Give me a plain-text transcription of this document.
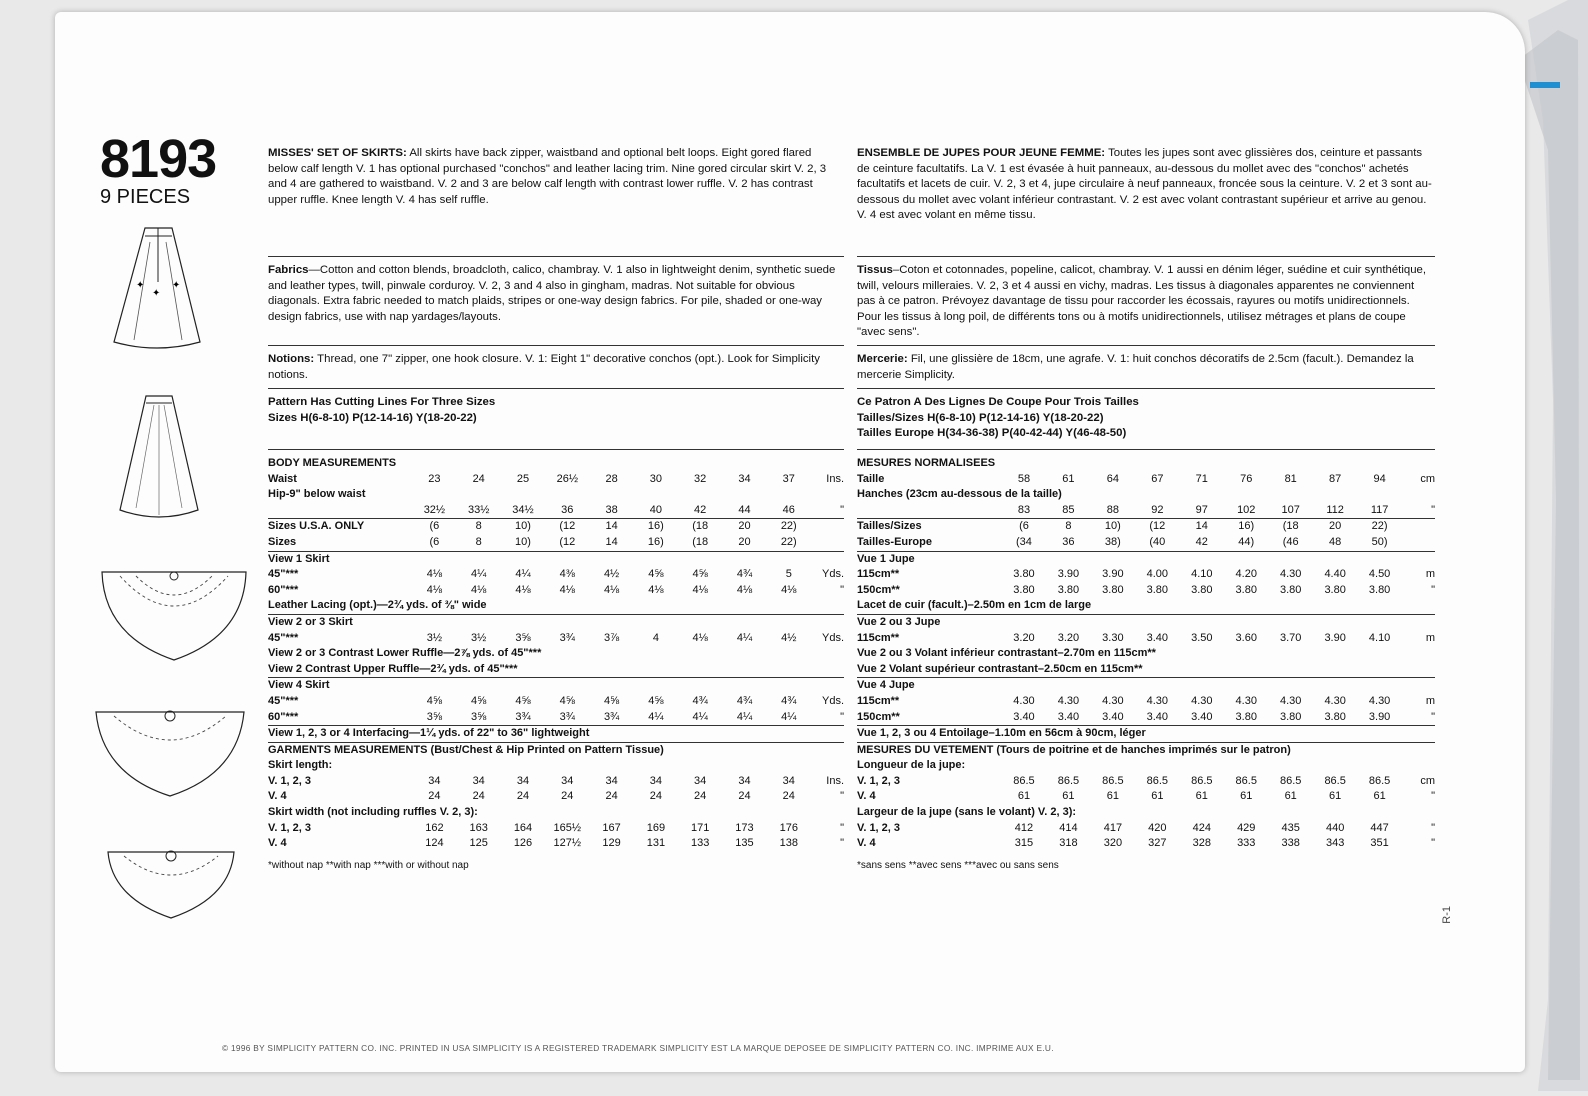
8193
9 PIECES
✦	✦
✦
MISSES' SET OF SKIRTS: All skirts have back zipper, waistband and optional belt loops. Eight gored flared below calf length V. 1 has optional purchased "conchos" and leather lacing trim. Nine gored circular skirt V. 2, 3 and 4 are gathered to waistband. V. 2 and 3 are below calf length with contrast lower ruffle. V. 2 has contrast upper ruffle. Knee length V. 4 has self ruffle.
Fabrics—Cotton and cotton blends, broadcloth, calico, chambray. V. 1 also in lightweight denim, synthetic suede and leather types, twill, pinwale corduroy. V. 2, 3 and 4 also in gingham, madras. Not suitable for obvious diagonals. Extra fabric needed to match plaids, stripes or one-way design fabrics. For pile, shaded or one-way design fabrics, use with nap yardages/layouts.
Notions: Thread, one 7" zipper, one hook closure. V. 1: Eight 1" decorative conchos (opt.). Look for Simplicity notions.
Pattern Has Cutting Lines For Three Sizes
Sizes H(6-8-10) P(12-14-16) Y(18-20-22)
BODY MEASUREMENTS
Waist	23	24	25	26½	28	30	32	34	37	Ins.
Hip-9" below waist										
	32½	33½	34½	36	38	40	42	44	46	"
Sizes U.S.A. ONLY	(6	8	10)	(12	14	16)	(18	20	22)	
Sizes	(6	8	10)	(12	14	16)	(18	20	22)	
View 1 Skirt										
45"***	4⅛	4¼	4¼	4⅜	4½	4⅝	4⅝	4¾	5	Yds.
60"***	4⅛	4⅛	4⅛	4⅛	4⅛	4⅛	4⅛	4⅛	4⅛	"
Leather Lacing (opt.)—2¾ yds. of ⅜" wide										
View 2 or 3 Skirt										
45"***	3½	3½	3⅝	3¾	3⅞	4	4⅛	4¼	4½	Yds.
View 2 or 3 Contrast Lower Ruffle—2⅞ yds. of 45"***										
View 2 Contrast Upper Ruffle—2¾ yds. of 45"***										
View 4 Skirt										
45"***	4⅝	4⅝	4⅝	4⅝	4⅝	4⅝	4¾	4¾	4¾	Yds.
60"***	3⅝	3⅝	3¾	3¾	3¾	4¼	4¼	4¼	4¼	"
View 1, 2, 3 or 4 Interfacing—1¼ yds. of 22" to 36" lightweight										
GARMENTS MEASUREMENTS (Bust/Chest & Hip Printed on Pattern Tissue)										
Skirt length:										
V. 1, 2, 3	34	34	34	34	34	34	34	34	34	Ins.
V. 4	24	24	24	24	24	24	24	24	24	"
Skirt width (not including ruffles V. 2, 3):										
V. 1, 2, 3	162	163	164	165½	167	169	171	173	176	"
V. 4	124	125	126	127½	129	131	133	135	138	"
*without nap **with nap ***with or without nap
ENSEMBLE DE JUPES POUR JEUNE FEMME: Toutes les jupes sont avec glissières dos, ceinture et passants de ceinture facultatifs. La V. 1 est évasée à huit panneaux, au-dessous du mollet avec des "conchos" achetés facultatifs et lacets de cuir. V. 2, 3 et 4, jupe circulaire à neuf panneaux, froncée sous la ceinture. V. 2 et 3 sont au-dessous du mollet avec volant inférieur contrastant. V. 2 est avec volant contrastant supérieur et arrive au genou. V. 4 est avec volant en même tissu.
Tissus–Coton et cotonnades, popeline, calicot, chambray. V. 1 aussi en dénim léger, suédine et cuir synthétique, twill, velours milleraies. V. 2, 3 et 4 aussi en vichy, madras. Les tissus à diagonales apparentes ne conviennent pas à ce patron. Prévoyez davantage de tissu pour raccorder les écossais, rayures ou motifs unidirectionnels. Pour les tissus à long poil, de différents tons ou à motifs unidirectionnels, utilisez métrages et plans de coupe "avec sens".
Mercerie: Fil, une glissière de 18cm, une agrafe. V. 1: huit conchos décoratifs de 2.5cm (facult.). Demandez la mercerie Simplicity.
Ce Patron A Des Lignes De Coupe Pour Trois Tailles
Tailles/Sizes H(6-8-10) P(12-14-16) Y(18-20-22)
Tailles Europe H(34-36-38) P(40-42-44) Y(46-48-50)
MESURES NORMALISEES
Taille	58	61	64	67	71	76	81	87	94	cm
Hanches (23cm au-dessous de la taille)										
	83	85	88	92	97	102	107	112	117	"
Tailles/Sizes	(6	8	10)	(12	14	16)	(18	20	22)	
Tailles-Europe	(34	36	38)	(40	42	44)	(46	48	50)	
Vue 1 Jupe										
115cm**	3.80	3.90	3.90	4.00	4.10	4.20	4.30	4.40	4.50	m
150cm**	3.80	3.80	3.80	3.80	3.80	3.80	3.80	3.80	3.80	"
Lacet de cuir (facult.)–2.50m en 1cm de large										
Vue 2 ou 3 Jupe										
115cm**	3.20	3.20	3.30	3.40	3.50	3.60	3.70	3.90	4.10	m
Vue 2 ou 3 Volant inférieur contrastant–2.70m en 115cm**										
Vue 2 Volant supérieur contrastant–2.50cm en 115cm**										
Vue 4 Jupe										
115cm**	4.30	4.30	4.30	4.30	4.30	4.30	4.30	4.30	4.30	m
150cm**	3.40	3.40	3.40	3.40	3.40	3.80	3.80	3.80	3.90	"
Vue 1, 2, 3 ou 4 Entoilage–1.10m en 56cm à 90cm, léger										
MESURES DU VETEMENT (Tours de poitrine et de hanches imprimés sur le patron)										
Longueur de la jupe:										
V. 1, 2, 3	86.5	86.5	86.5	86.5	86.5	86.5	86.5	86.5	86.5	cm
V. 4	61	61	61	61	61	61	61	61	61	"
Largeur de la jupe (sans le volant) V. 2, 3):										
V. 1, 2, 3	412	414	417	420	424	429	435	440	447	"
V. 4	315	318	320	327	328	333	338	343	351	"
*sans sens **avec sens ***avec ou sans sens
R-1
© 1996 BY SIMPLICITY PATTERN CO. INC. PRINTED IN USA SIMPLICITY IS A REGISTERED TRADEMARK SIMPLICITY EST LA MARQUE DEPOSEE DE SIMPLICITY PATTERN CO. INC. IMPRIME AUX E.U.
